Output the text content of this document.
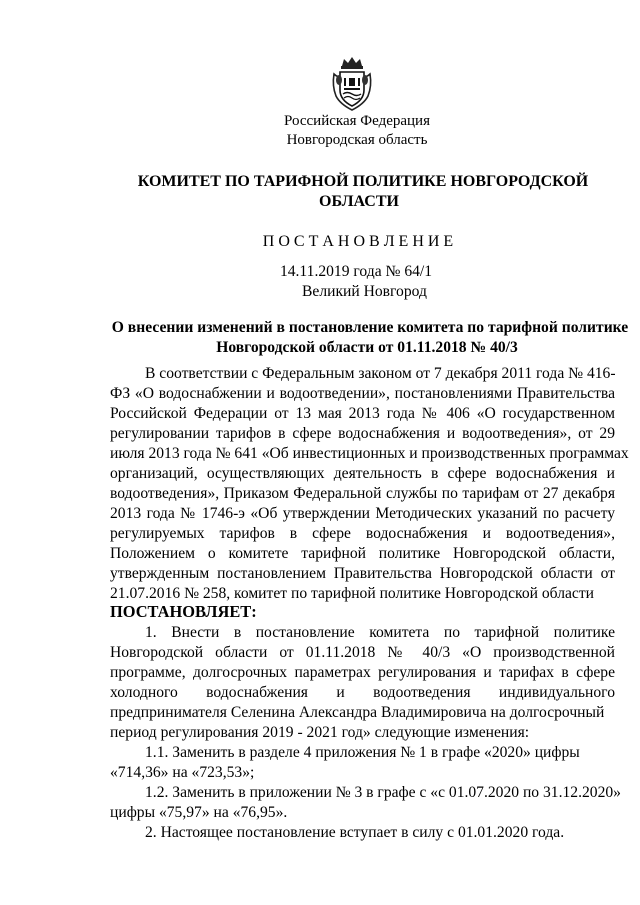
Российская Федерация
Новгородская область
КОМИТЕТ ПО ТАРИФНОЙ ПОЛИТИКЕ НОВГОРОДСКОЙ
ОБЛАСТИ
П О С Т А Н О В Л Е Н И Е
14.11.2019 года № 64/1
Великий Новгород
О внесении изменений в постановление комитета по тарифной политике
Новгородской области от 01.11.2018 № 40/3
В соответствии с Федеральным законом от 7 декабря 2011 года № 416-
ФЗ «О водоснабжении и водоотведении», постановлениями Правительства
Российской Федерации от 13 мая 2013 года № 406 «О государственном
регулировании тарифов в сфере водоснабжения и водоотведения», от 29
июля 2013 года № 641 «Об инвестиционных и производственных программах
организаций, осуществляющих деятельность в сфере водоснабжения и
водоотведения», Приказом Федеральной службы по тарифам от 27 декабря
2013 года № 1746-э «Об утверждении Методических указаний по расчету
регулируемых тарифов в сфере водоснабжения и водоотведения»,
Положением о комитете тарифной политике Новгородской области,
утвержденным постановлением Правительства Новгородской области от
21.07.2016 № 258, комитет по тарифной политике Новгородской области
ПОСТАНОВЛЯЕТ:
1. Внести в постановление комитета по тарифной политике
Новгородской области от 01.11.2018 № 40/3 «О производственной
программе, долгосрочных параметрах регулирования и тарифах в сфере
холодного водоснабжения и водоотведения индивидуального
предпринимателя Селенина Александра Владимировича на долгосрочный
период регулирования 2019 - 2021 год» следующие изменения:
1.1. Заменить в разделе 4 приложения № 1 в графе «2020» цифры
«714,36» на «723,53»;
1.2. Заменить в приложении № 3 в графе с «с 01.07.2020 по 31.12.2020»
цифры «75,97» на «76,95».
2. Настоящее постановление вступает в силу с 01.01.2020 года.
